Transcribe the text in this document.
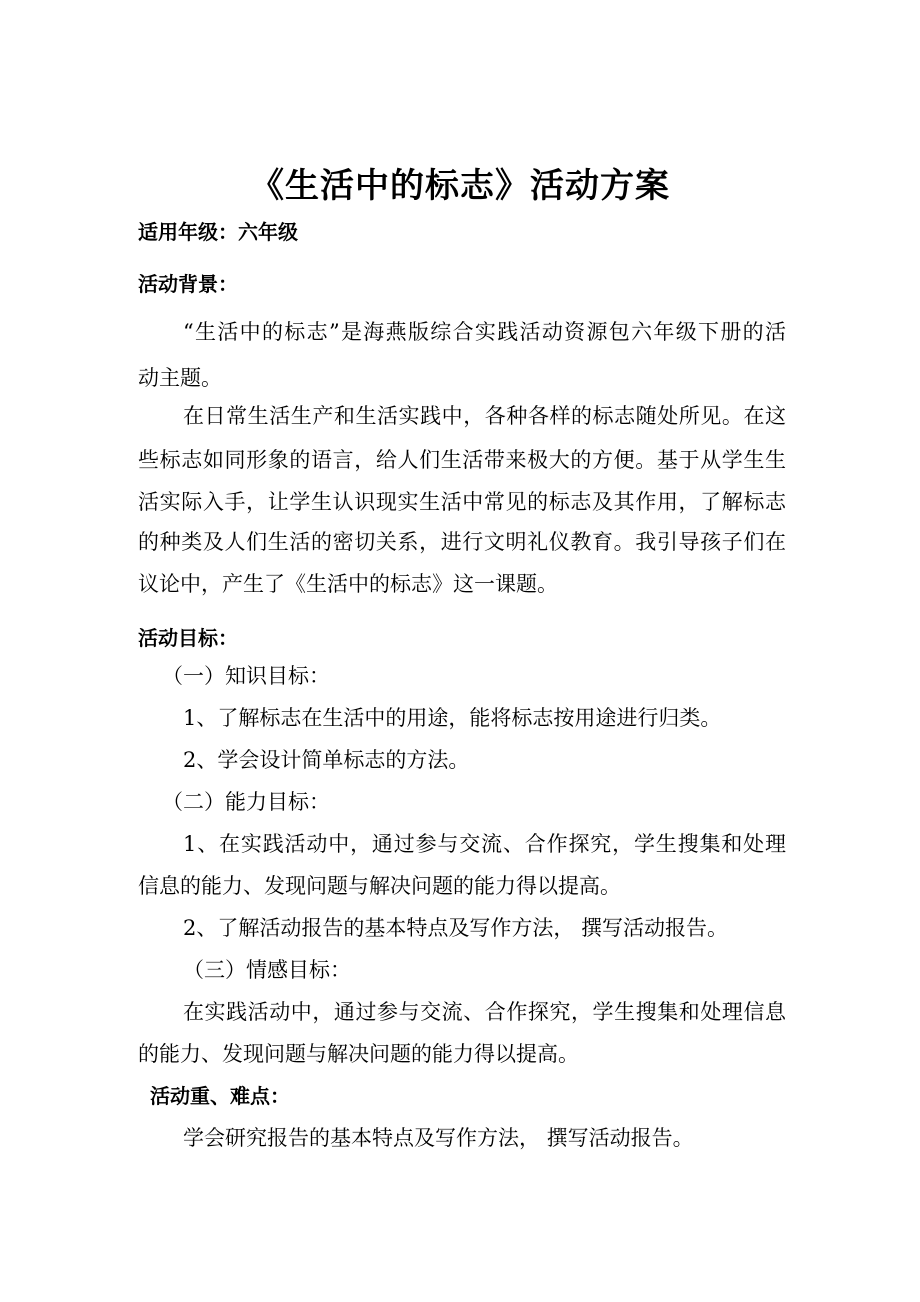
《生活中的标志》活动方案
适用年级：六年级
活动背景：
“生活中的标志”是海燕版综合实践活动资源包六年级下册的活
动主题。
在日常生活生产和生活实践中，各种各样的标志随处所见。在这
些标志如同形象的语言，给人们生活带来极大的方便。基于从学生生
活实际入手，让学生认识现实生活中常见的标志及其作用，了解标志
的种类及人们生活的密切关系，进行文明礼仪教育。我引导孩子们在
议论中，产生了《生活中的标志》这一课题。
活动目标：
（一）知识目标：
1、了解标志在生活中的用途，能将标志按用途进行归类。
2、学会设计简单标志的方法。
（二）能力目标：
1、在实践活动中，通过参与交流、合作探究，学生搜集和处理
信息的能力、发现问题与解决问题的能力得以提高。
2、了解活动报告的基本特点及写作方法， 撰写活动报告。
（三）情感目标：
在实践活动中，通过参与交流、合作探究，学生搜集和处理信息
的能力、发现问题与解决问题的能力得以提高。
活动重、难点：
学会研究报告的基本特点及写作方法， 撰写活动报告。
